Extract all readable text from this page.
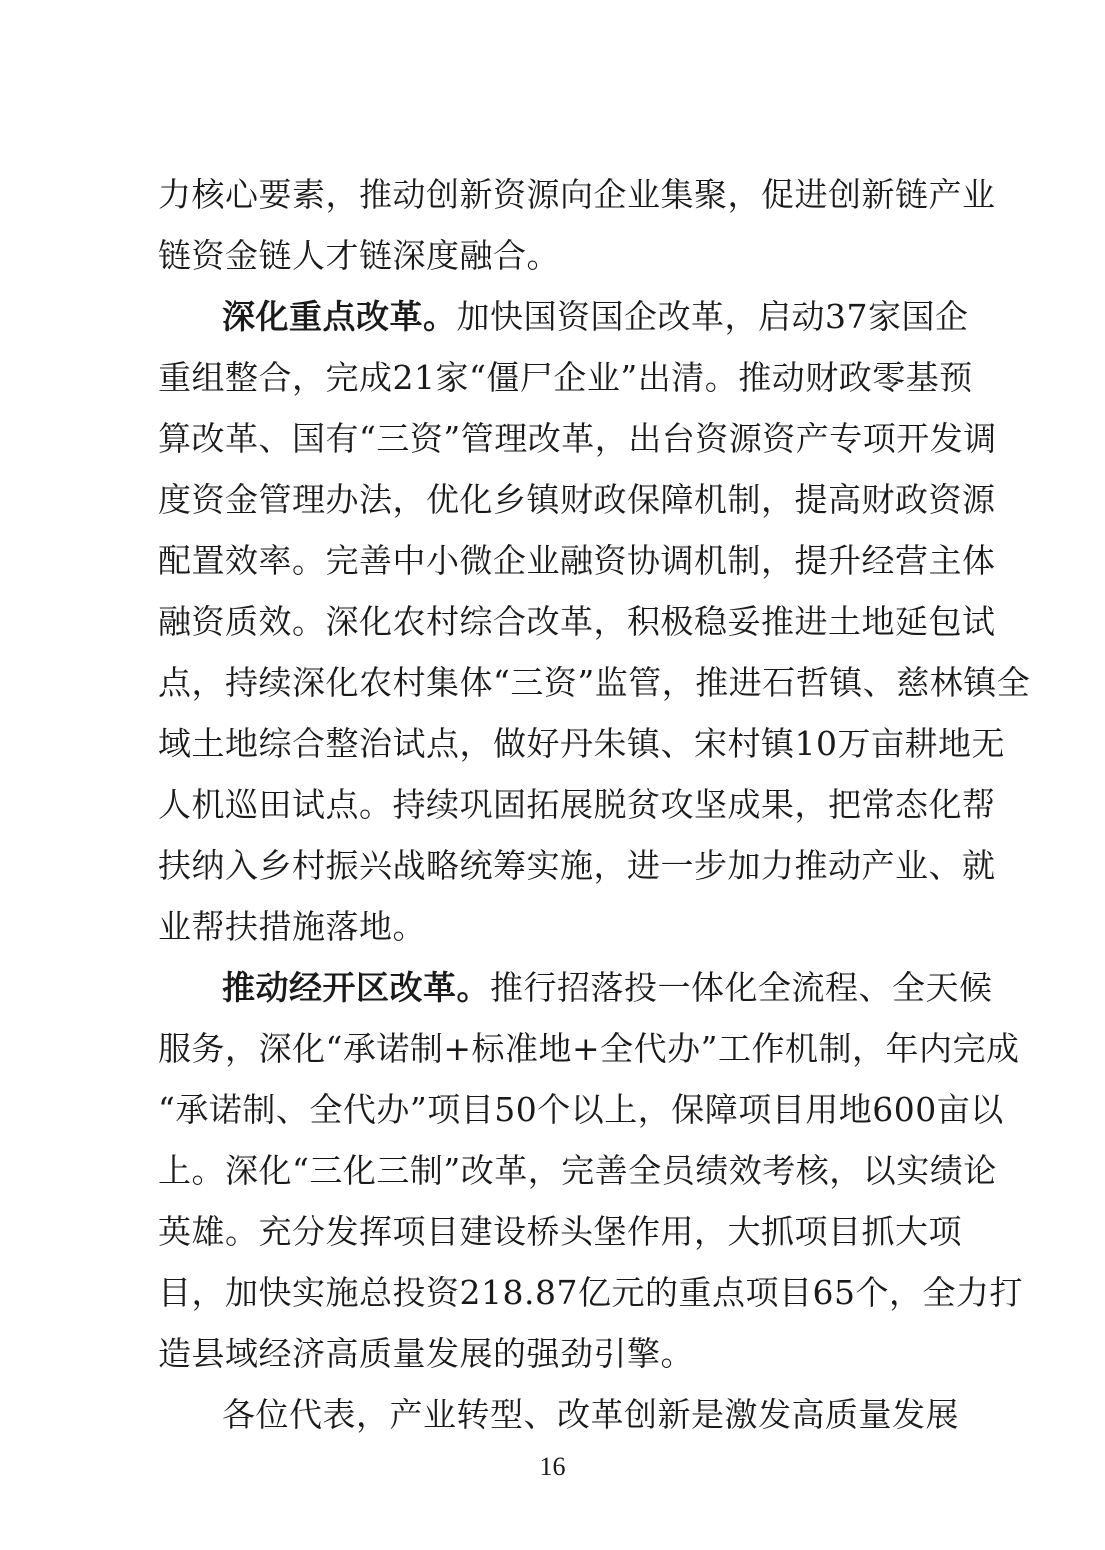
力核心要素，推动创新资源向企业集聚，促进创新链产业
链资金链人才链深度融合。
深化重点改革。加快国资国企改革，启动37家国企
重组整合，完成21家“僵尸企业”出清。推动财政零基预
算改革、国有“三资”管理改革，出台资源资产专项开发调
度资金管理办法，优化乡镇财政保障机制，提高财政资源
配置效率。完善中小微企业融资协调机制，提升经营主体
融资质效。深化农村综合改革，积极稳妥推进土地延包试
点，持续深化农村集体“三资”监管，推进石哲镇、慈林镇全
域土地综合整治试点，做好丹朱镇、宋村镇10万亩耕地无
人机巡田试点。持续巩固拓展脱贫攻坚成果，把常态化帮
扶纳入乡村振兴战略统筹实施，进一步加力推动产业、就
业帮扶措施落地。
推动经开区改革。推行招落投一体化全流程、全天候
服务，深化“承诺制+标准地+全代办”工作机制，年内完成
“承诺制、全代办”项目50个以上，保障项目用地600亩以
上。深化“三化三制”改革，完善全员绩效考核，以实绩论
英雄。充分发挥项目建设桥头堡作用，大抓项目抓大项
目，加快实施总投资218.87亿元的重点项目65个，全力打
造县域经济高质量发展的强劲引擎。
各位代表，产业转型、改革创新是激发高质量发展
16
